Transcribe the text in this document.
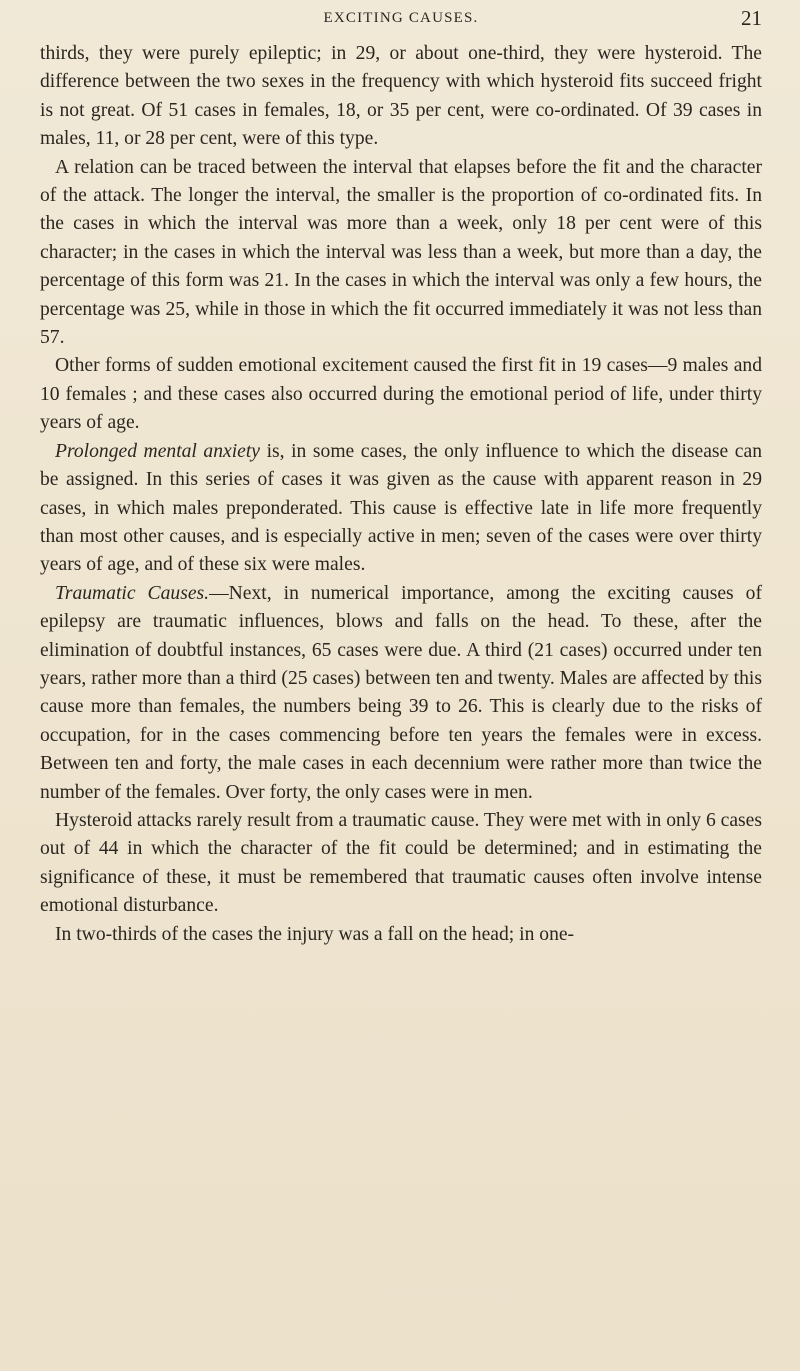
EXCITING CAUSES.	21

thirds, they were purely epileptic; in 29, or about one-third, they were hysteroid. The difference between the two sexes in the frequency with which hysteroid fits succeed fright is not great. Of 51 cases in females, 18, or 35 per cent, were co-ordinated. Of 39 cases in males, 11, or 28 per cent, were of this type.

A relation can be traced between the interval that elapses before the fit and the character of the attack. The longer the interval, the smaller is the proportion of co-ordinated fits. In the cases in which the interval was more than a week, only 18 per cent were of this character; in the cases in which the interval was less than a week, but more than a day, the percentage of this form was 21. In the cases in which the interval was only a few hours, the percentage was 25, while in those in which the fit occurred immediately it was not less than 57.

Other forms of sudden emotional excitement caused the first fit in 19 cases—9 males and 10 females ; and these cases also occurred during the emotional period of life, under thirty years of age.

Prolonged mental anxiety is, in some cases, the only influence to which the disease can be assigned. In this series of cases it was given as the cause with apparent reason in 29 cases, in which males preponderated. This cause is effective late in life more frequently than most other causes, and is especially active in men; seven of the cases were over thirty years of age, and of these six were males.

Traumatic Causes.—Next, in numerical importance, among the exciting causes of epilepsy are traumatic influences, blows and falls on the head. To these, after the elimination of doubtful instances, 65 cases were due. A third (21 cases) occurred under ten years, rather more than a third (25 cases) between ten and twenty. Males are affected by this cause more than females, the numbers being 39 to 26. This is clearly due to the risks of occupation, for in the cases commencing before ten years the females were in excess. Between ten and forty, the male cases in each decennium were rather more than twice the number of the females. Over forty, the only cases were in men.

Hysteroid attacks rarely result from a traumatic cause. They were met with in only 6 cases out of 44 in which the character of the fit could be determined; and in estimating the significance of these, it must be remembered that traumatic causes often involve intense emotional disturbance.

In two-thirds of the cases the injury was a fall on the head; in one-
